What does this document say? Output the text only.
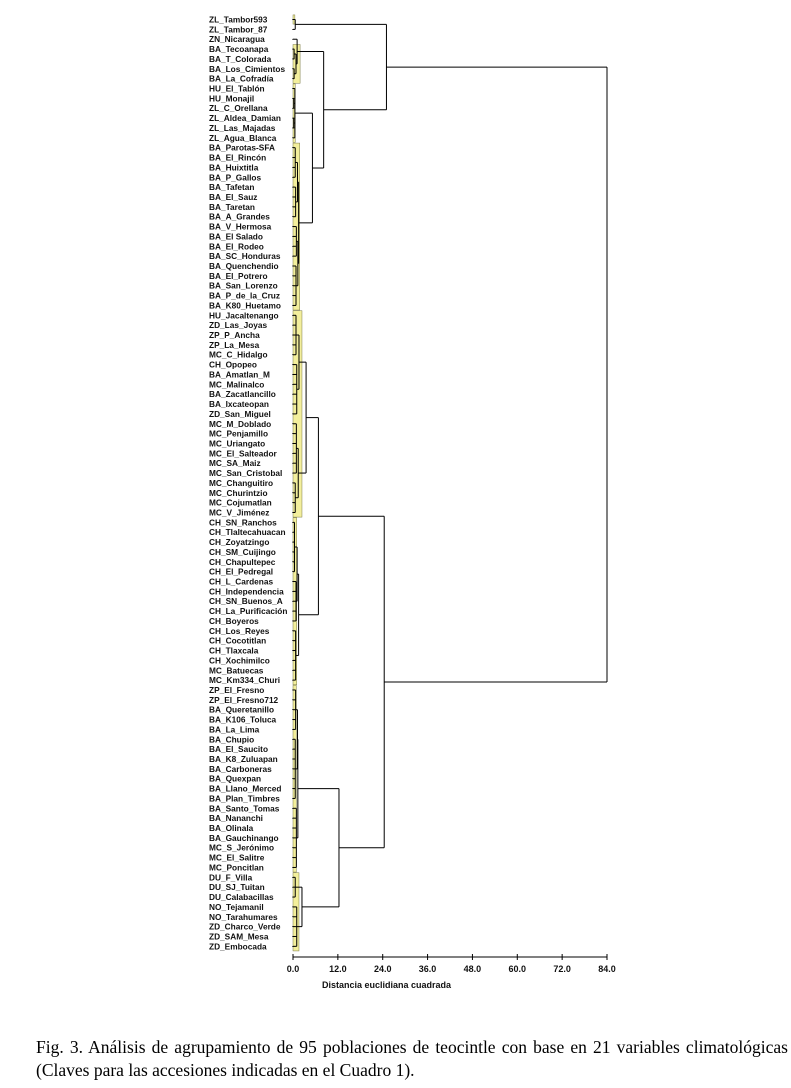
ZL_Tambor593
ZL_Tambor_87
ZN_Nicaragua
BA_Tecoanapa
BA_T_Colorada
BA_Los_Cimientos
BA_La_Cofradía
HU_El_Tablón
HU_Monajil
ZL_C_Orellana
ZL_Aldea_Damian
ZL_Las_Majadas
ZL_Agua_Blanca
BA_Parotas-SFA
BA_El_Rincón
BA_Huixtitla
BA_P_Gallos
BA_Tafetan
BA_El_Sauz
BA_Taretan
BA_A_Grandes
BA_V_Hermosa
BA_El Salado
BA_El_Rodeo
BA_SC_Honduras
BA_Quenchendio
BA_El_Potrero
BA_San_Lorenzo
BA_P_de_la_Cruz
BA_K80_Huetamo
HU_Jacaltenango
ZD_Las_Joyas
ZP_P_Ancha
ZP_La_Mesa
MC_C_Hidalgo
CH_Opopeo
BA_Amatlan_M
MC_Malinalco
BA_Zacatlancillo
BA_Ixcateopan
ZD_San_Miguel
MC_M_Doblado
MC_Penjamillo
MC_Uriangato
MC_El_Salteador
MC_SA_Maiz
MC_San_Cristobal
MC_Changuitiro
MC_Churintzio
MC_Cojumatlan
MC_V_Jiménez
CH_SN_Ranchos
CH_Tlaltecahuacan
CH_Zoyatzingo
CH_SM_Cuijingo
CH_Chapultepec
CH_El_Pedregal
CH_L_Cardenas
CH_Independencia
CH_SN_Buenos_A
CH_La_Purificación
CH_Boyeros
CH_Los_Reyes
CH_Cocotitlan
CH_Tlaxcala
CH_Xochimilco
MC_Batuecas
MC_Km334_Churi
ZP_El_Fresno
ZP_El_Fresno712
BA_Queretanillo
BA_K106_Toluca
BA_La_Lima
BA_Chupio
BA_El_Saucito
BA_K8_Zuluapan
BA_Carboneras
BA_Quexpan
BA_Llano_Merced
BA_Plan_Timbres
BA_Santo_Tomas
BA_Nananchi
BA_Olinala
BA_Gauchinango
MC_S_Jerónimo
MC_El_Salitre
MC_Poncitlan
DU_F_Villa
DU_SJ_Tuitan
DU_Calabacillas
NO_Tejamanil
NO_Tarahumares
ZD_Charco_Verde
ZD_SAM_Mesa
ZD_Embocada
0.0	12.0	24.0	36.0	48.0	60.0	72.0	84.0
Distancia euclidiana cuadrada

Fig. 3. Análisis de agrupamiento de 95 poblaciones de teocintle con base en 21 variables climatológicas (Claves para las accesiones indicadas en el Cuadro 1).
